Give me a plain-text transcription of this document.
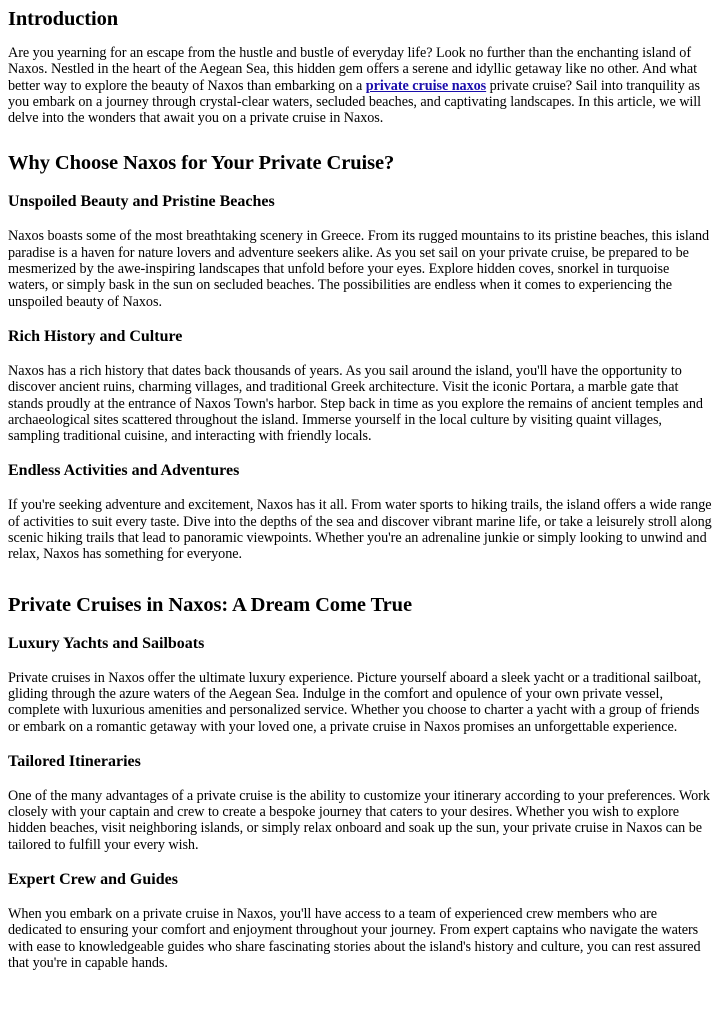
Introduction

Are you yearning for an escape from the hustle and bustle of everyday life? Look no further than the enchanting island of Naxos. Nestled in the heart of the Aegean Sea, this hidden gem offers a serene and idyllic getaway like no other. And what better way to explore the beauty of Naxos than embarking on a private cruise naxos private cruise? Sail into tranquility as you embark on a journey through crystal-clear waters, secluded beaches, and captivating landscapes. In this article, we will delve into the wonders that await you on a private cruise in Naxos.

Why Choose Naxos for Your Private Cruise?
Unspoiled Beauty and Pristine Beaches

Naxos boasts some of the most breathtaking scenery in Greece. From its rugged mountains to its pristine beaches, this island paradise is a haven for nature lovers and adventure seekers alike. As you set sail on your private cruise, be prepared to be mesmerized by the awe-inspiring landscapes that unfold before your eyes. Explore hidden coves, snorkel in turquoise waters, or simply bask in the sun on secluded beaches. The possibilities are endless when it comes to experiencing the unspoiled beauty of Naxos.

Rich History and Culture

Naxos has a rich history that dates back thousands of years. As you sail around the island, you'll have the opportunity to discover ancient ruins, charming villages, and traditional Greek architecture. Visit the iconic Portara, a marble gate that stands proudly at the entrance of Naxos Town's harbor. Step back in time as you explore the remains of ancient temples and archaeological sites scattered throughout the island. Immerse yourself in the local culture by visiting quaint villages, sampling traditional cuisine, and interacting with friendly locals.

Endless Activities and Adventures

If you're seeking adventure and excitement, Naxos has it all. From water sports to hiking trails, the island offers a wide range of activities to suit every taste. Dive into the depths of the sea and discover vibrant marine life, or take a leisurely stroll along scenic hiking trails that lead to panoramic viewpoints. Whether you're an adrenaline junkie or simply looking to unwind and relax, Naxos has something for everyone.

Private Cruises in Naxos: A Dream Come True
Luxury Yachts and Sailboats

Private cruises in Naxos offer the ultimate luxury experience. Picture yourself aboard a sleek yacht or a traditional sailboat, gliding through the azure waters of the Aegean Sea. Indulge in the comfort and opulence of your own private vessel, complete with luxurious amenities and personalized service. Whether you choose to charter a yacht with a group of friends or embark on a romantic getaway with your loved one, a private cruise in Naxos promises an unforgettable experience.

Tailored Itineraries

One of the many advantages of a private cruise is the ability to customize your itinerary according to your preferences. Work closely with your captain and crew to create a bespoke journey that caters to your desires. Whether you wish to explore hidden beaches, visit neighboring islands, or simply relax onboard and soak up the sun, your private cruise in Naxos can be tailored to fulfill your every wish.

Expert Crew and Guides

When you embark on a private cruise in Naxos, you'll have access to a team of experienced crew members who are dedicated to ensuring your comfort and enjoyment throughout your journey. From expert captains who navigate the waters with ease to knowledgeable guides who share fascinating stories about the island's history and culture, you can rest assured that you're in capable hands.
